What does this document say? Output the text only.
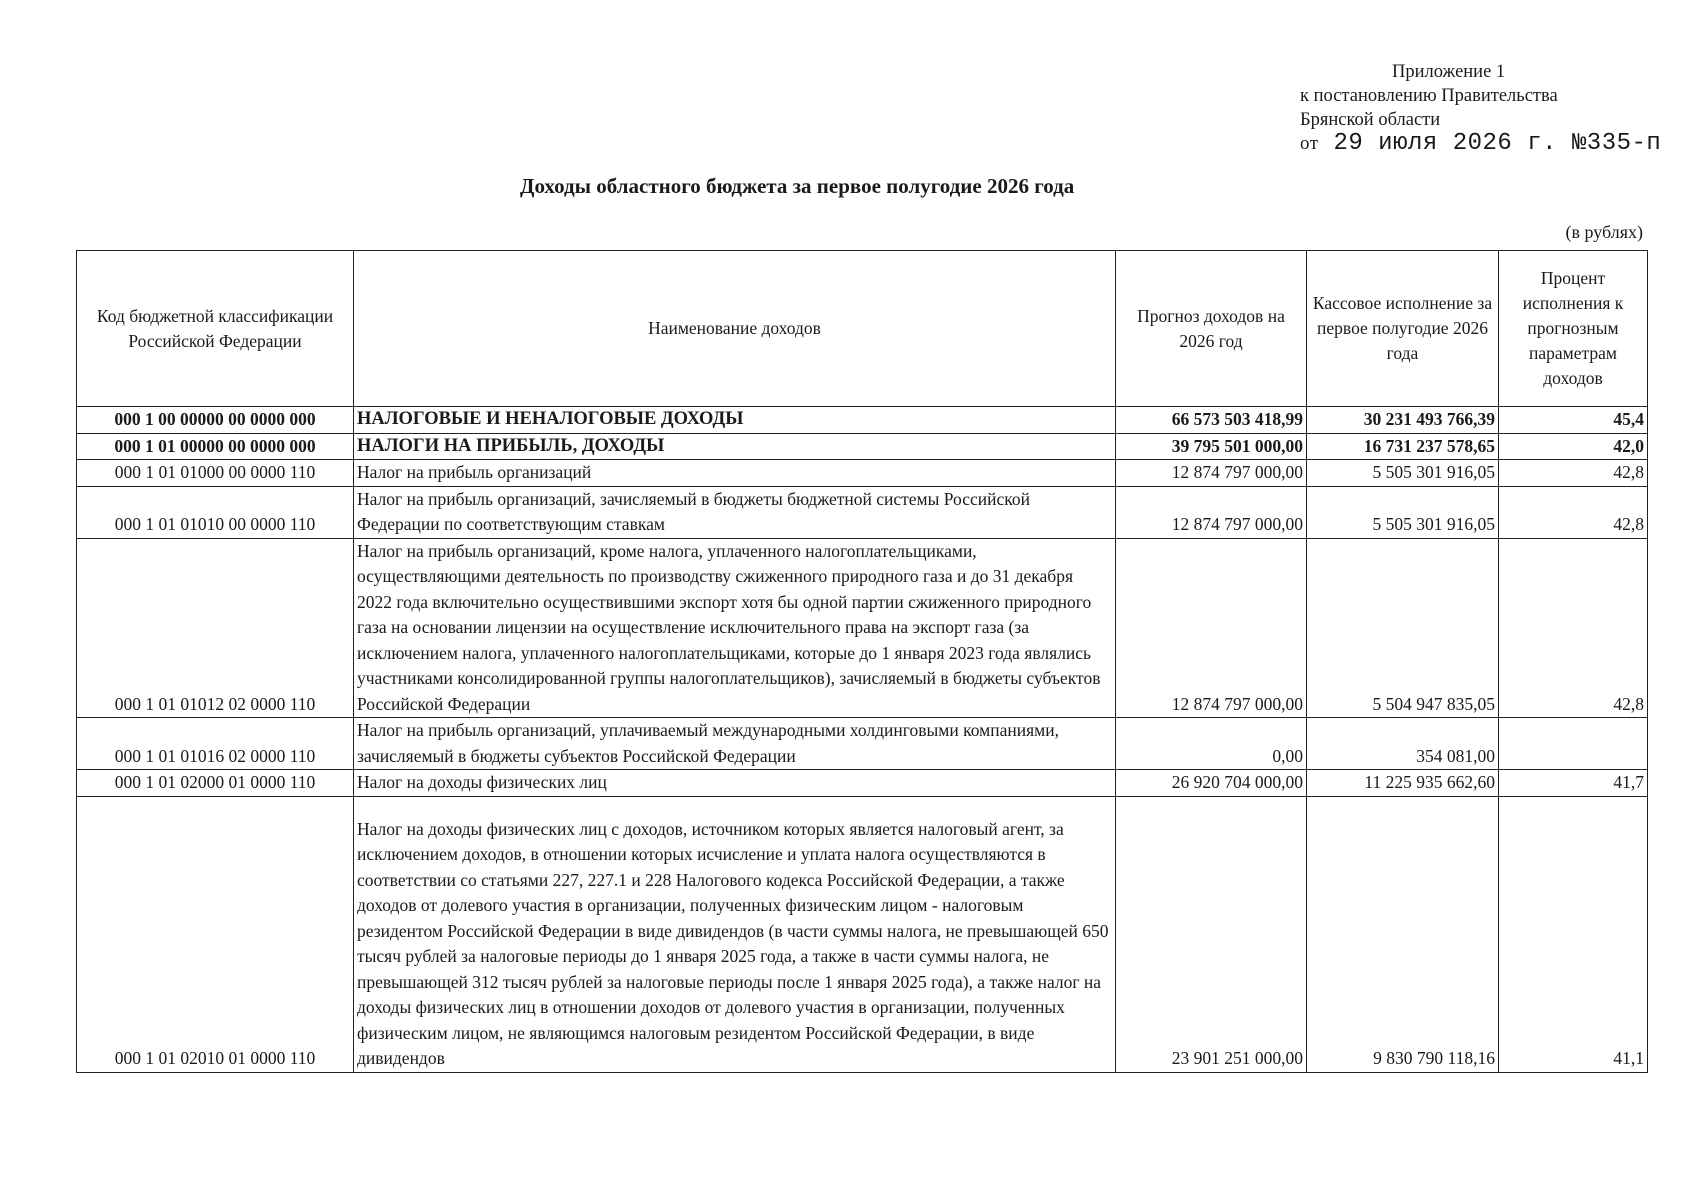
Приложение 1
к постановлению Правительства
Брянской области
от 29 июля 2026 г. №335-п
Доходы областного бюджета за первое полугодие 2026 года
(в рублях)
Код бюджетной классификации Российской Федерации	Наименование доходов	Прогноз доходов на 2026 год	Кассовое исполнение за первое полугодие 2026 года	Процент исполнения к прогнозным параметрам доходов
000 1 00 00000 00 0000 000	НАЛОГОВЫЕ И НЕНАЛОГОВЫЕ ДОХОДЫ	66 573 503 418,99	30 231 493 766,39	45,4
000 1 01 00000 00 0000 000	НАЛОГИ НА ПРИБЫЛЬ, ДОХОДЫ	39 795 501 000,00	16 731 237 578,65	42,0
000 1 01 01000 00 0000 110	Налог на прибыль организаций	12 874 797 000,00	5 505 301 916,05	42,8
000 1 01 01010 00 0000 110	Налог на прибыль организаций, зачисляемый в бюджеты бюджетной системы Российской Федерации по соответствующим ставкам	12 874 797 000,00	5 505 301 916,05	42,8
000 1 01 01012 02 0000 110	Налог на прибыль организаций, кроме налога, уплаченного налогоплательщиками, осуществляющими деятельность по производству сжиженного природного газа и до 31 декабря 2022 года включительно осуществившими экспорт хотя бы одной партии сжиженного природного газа на основании лицензии на осуществление исключительного права на экспорт газа (за исключением налога, уплаченного налогоплательщиками, которые до 1 января 2023 года являлись участниками консолидированной группы налогоплательщиков), зачисляемый в бюджеты субъектов Российской Федерации	12 874 797 000,00	5 504 947 835,05	42,8
000 1 01 01016 02 0000 110	Налог на прибыль организаций, уплачиваемый международными холдинговыми компаниями, зачисляемый в бюджеты субъектов Российской Федерации	0,00	354 081,00	
000 1 01 02000 01 0000 110	Налог на доходы физических лиц	26 920 704 000,00	11 225 935 662,60	41,7
000 1 01 02010 01 0000 110	Налог на доходы физических лиц с доходов, источником которых является налоговый агент, за исключением доходов, в отношении которых исчисление и уплата налога осуществляются в соответствии со статьями 227, 227.1 и 228 Налогового кодекса Российской Федерации, а также доходов от долевого участия в организации, полученных физическим лицом - налоговым резидентом Российской Федерации в виде дивидендов (в части суммы налога, не превышающей 650 тысяч рублей за налоговые периоды до 1 января 2025 года, а также в части суммы налога, не превышающей 312 тысяч рублей за налоговые периоды после 1 января 2025 года), а также налог на доходы физических лиц в отношении доходов от долевого участия в организации, полученных физическим лицом, не являющимся налоговым резидентом Российской Федерации, в виде дивидендов	23 901 251 000,00	9 830 790 118,16	41,1
